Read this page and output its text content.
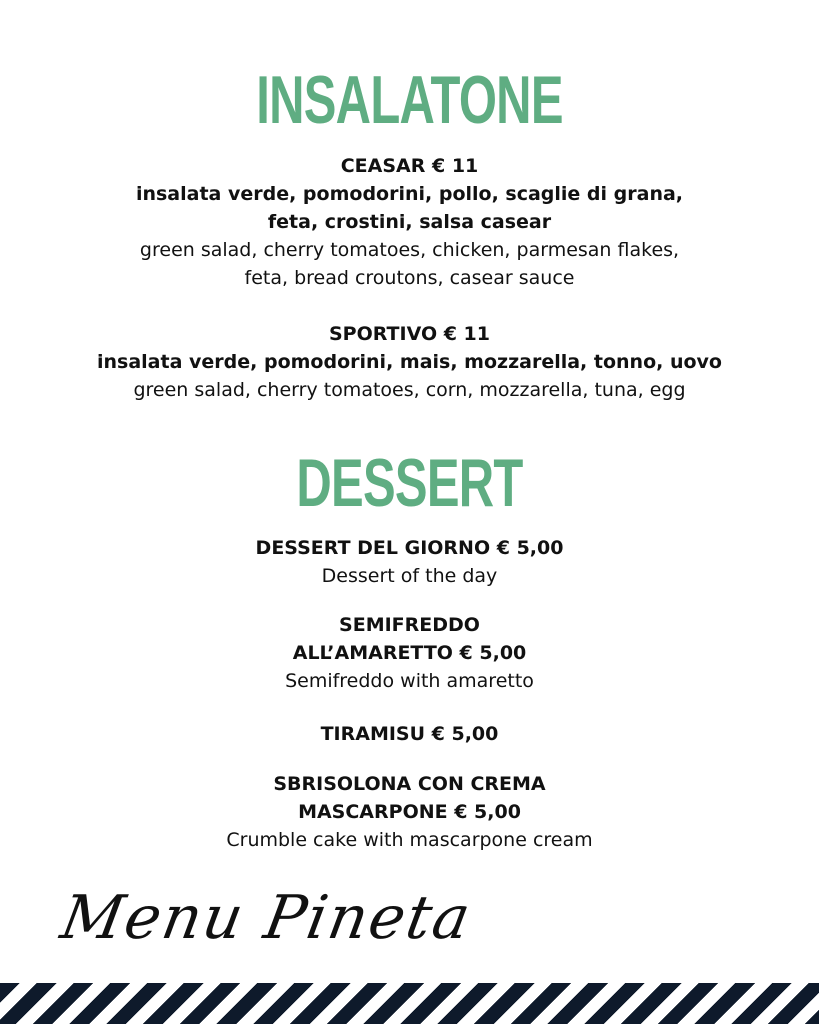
INSALATONE
CEASAR € 11
insalata verde, pomodorini, pollo, scaglie di grana,
feta, crostini, salsa casear
green salad, cherry tomatoes, chicken, parmesan flakes,
feta, bread croutons, casear sauce
SPORTIVO € 11
insalata verde, pomodorini, mais, mozzarella, tonno, uovo
green salad, cherry tomatoes, corn, mozzarella, tuna, egg
DESSERT
DESSERT DEL GIORNO € 5,00
Dessert of the day
SEMIFREDDO
ALL’AMARETTO € 5,00
Semifreddo with amaretto
TIRAMISU € 5,00
SBRISOLONA CON CREMA
MASCARPONE € 5,00
Crumble cake with mascarpone cream
Menu Pineta
